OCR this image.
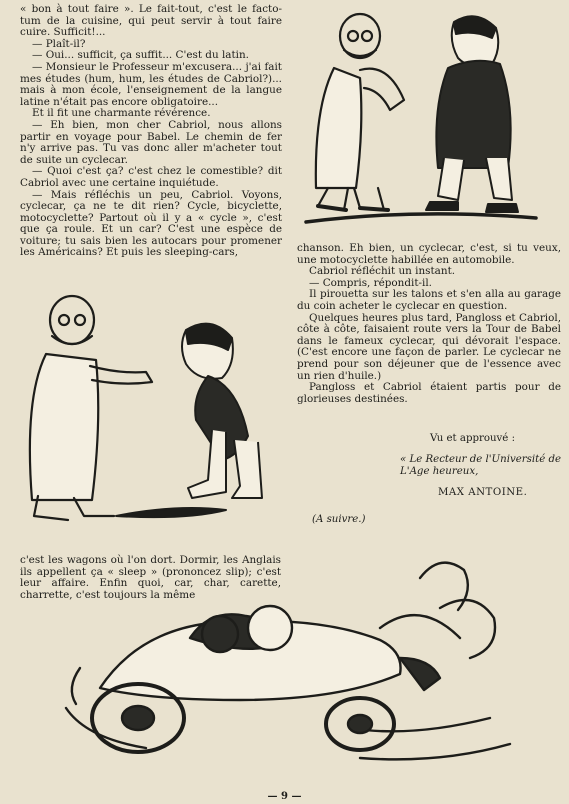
« bon à tout faire ». Le fait-tout, c'est le facto-tum de la cuisine, qui peut servir à tout faire cuire. Sufficit!...

— Plaît-il?

— Oui... sufficit, ça suffit... C'est du latin.

— Monsieur le Professeur m'excusera... j'ai fait mes études (hum, hum, les études de Cabriol?)... mais à mon école, l'enseignement de la langue latine n'était pas encore obligatoire...

Et il fit une charmante révérence.

— Eh bien, mon cher Cabriol, nous allons partir en voyage pour Babel. Le chemin de fer n'y arrive pas. Tu vas donc aller m'acheter tout de suite un cyclecar.

— Quoi c'est ça? c'est chez le comestible? dit Cabriol avec une certaine inquiétude.

— Mais réfléchis un peu, Cabriol. Voyons, cyclecar, ça ne te dit rien? Cycle, bicyclette, motocyclette? Partout où il y a « cycle », c'est que ça roule. Et un car? C'est une espèce de voiture; tu sais bien les autocars pour promener les Américains? Et puis les sleeping-cars,	chanson. Eh bien, un cyclecar, c'est, si tu veux, une motocyclette habillée en automobile.

Cabriol réfléchit un instant.

— Compris, répondit-il.

Il pirouetta sur les talons et s'en alla au garage du coin acheter le cyclecar en question.

Quelques heures plus tard, Pangloss et Cabriol, côte à côte, faisaient route vers la Tour de Babel dans le fameux cyclecar, qui dévorait l'espace. (C'est encore une façon de parler. Le cyclecar ne prend pour son déjeuner que de l'essence avec un rien d'huile.)

Pangloss et Cabriol étaient partis pour de glorieuses destinées.

Vu et approuvé :
« Le Recteur de l'Université de L'Age heureux,
MAX ANTOINE.
(A suivre.)

c'est les wagons où l'on dort. Dormir, les Anglais ils appellent ça « sleep » (prononcez slip); c'est leur affaire. Enfin quoi, car, char, carette, charrette, c'est toujours la même

— 9 —
